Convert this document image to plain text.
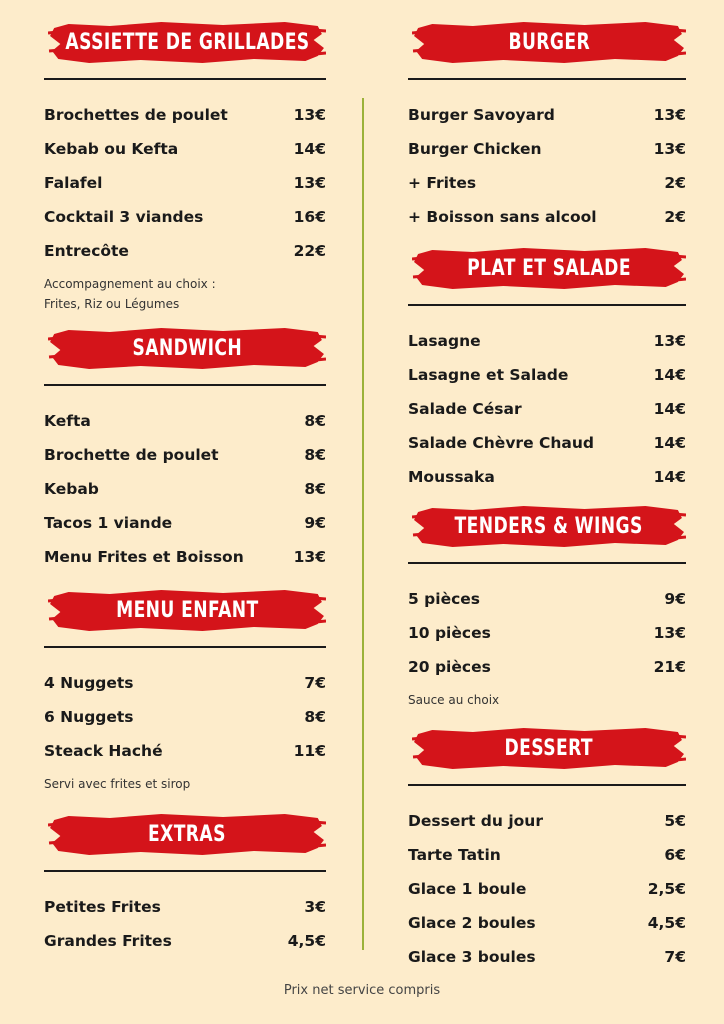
ASSIETTE DE GRILLADES
Brochettes de poulet	13€
Kebab ou Kefta	14€
Falafel	13€
Cocktail 3 viandes	16€
Entrecôte	22€
Accompagnement au choix :
Frites, Riz ou Légumes
SANDWICH
Kefta	8€
Brochette de poulet	8€
Kebab	8€
Tacos 1 viande	9€
Menu Frites et Boisson	13€
MENU ENFANT
4 Nuggets	7€
6 Nuggets	8€
Steack Haché	11€
Servi avec frites et sirop
EXTRAS
Petites Frites	3€
Grandes Frites	4,5€
BURGER
Burger Savoyard	13€
Burger Chicken	13€
+ Frites	2€
+ Boisson sans alcool	2€
PLAT ET SALADE
Lasagne	13€
Lasagne et Salade	14€
Salade César	14€
Salade Chèvre Chaud	14€
Moussaka	14€
TENDERS & WINGS
5 pièces	9€
10 pièces	13€
20 pièces	21€
Sauce au choix
DESSERT
Dessert du jour	5€
Tarte Tatin	6€
Glace 1 boule	2,5€
Glace 2 boules	4,5€
Glace 3 boules	7€
Prix net service compris
